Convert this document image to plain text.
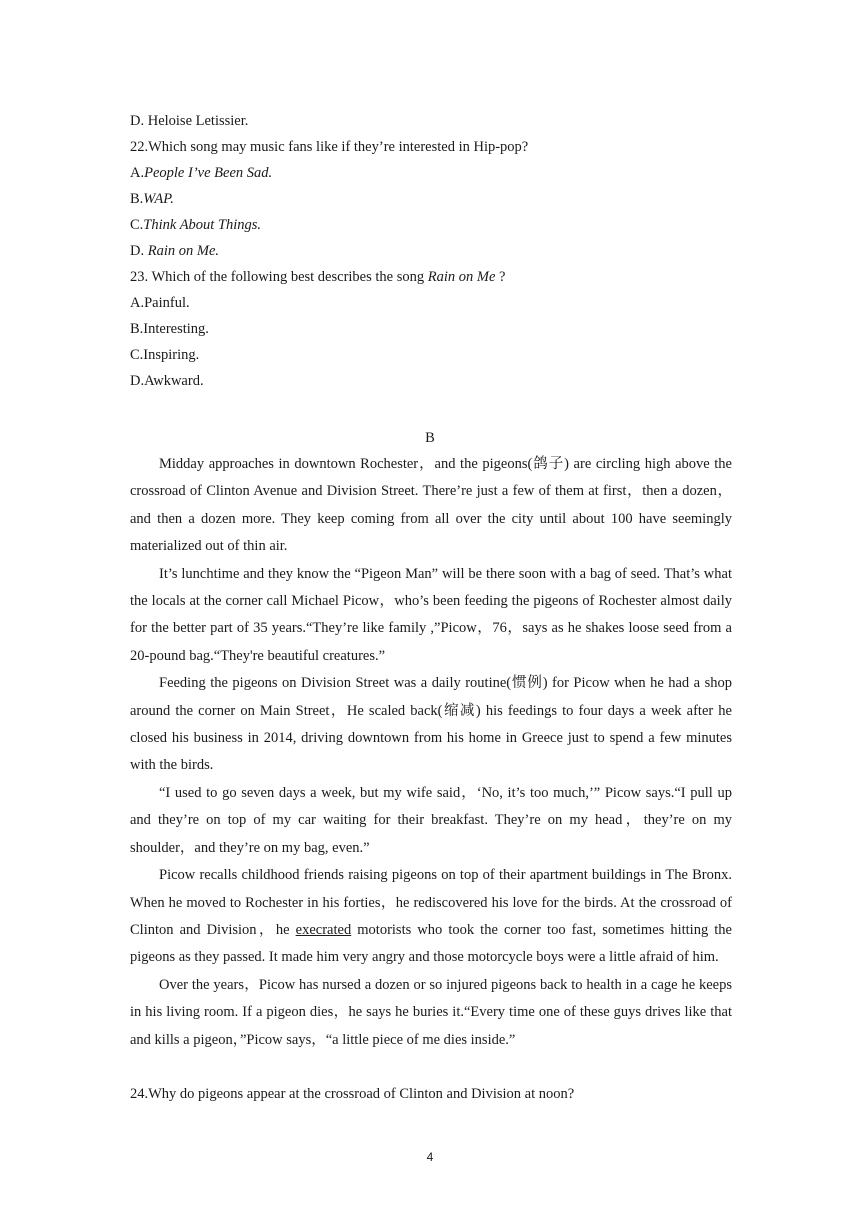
D. Heloise Letissier.
22.Which song may music fans like if they’re interested in Hip-pop?
A.People I’ve Been Sad.
B.WAP.
C.Think About Things.
D. Rain on Me.
23. Which of the following best describes the song Rain on Me ?
A.Painful.
B.Interesting.
C.Inspiring.
D.Awkward.
B

Midday approaches in downtown Rochester，and the pigeons(鸽子) are circling high above the crossroad of Clinton Avenue and Division Street. There’re just a few of them at first，then a dozen，and then a dozen more. They keep coming from all over the city until about 100 have seemingly materialized out of thin air.

It’s lunchtime and they know the “Pigeon Man” will be there soon with a bag of seed. That’s what the locals at the corner call Michael Picow，who’s been feeding the pigeons of Rochester almost daily for the better part of 35 years.“They’re like family ,”Picow，76，says as he shakes loose seed from a 20-pound bag.“They're beautiful creatures.”

Feeding the pigeons on Division Street was a daily routine(惯例) for Picow when he had a shop around the corner on Main Street，He scaled back(缩减) his feedings to four days a week after he closed his business in 2014, driving downtown from his home in Greece just to spend a few minutes with the birds.

“I used to go seven days a week, but my wife said，‘No, it’s too much,’” Picow says.“I pull up and they’re on top of my car waiting for their breakfast. They’re on my head，they’re on my shoulder，and they’re on my bag, even.”

Picow recalls childhood friends raising pigeons on top of their apartment buildings in The Bronx. When he moved to Rochester in his forties，he rediscovered his love for the birds. At the crossroad of Clinton and Division，he execrated motorists who took the corner too fast, sometimes hitting the pigeons as they passed. It made him very angry and those motorcycle boys were a little afraid of him.

Over the years，Picow has nursed a dozen or so injured pigeons back to health in a cage he keeps in his living room. If a pigeon dies，he says he buries it.“Every time one of these guys drives like that and kills a pigeon，”Picow says，“a little piece of me dies inside.”

24.Why do pigeons appear at the crossroad of Clinton and Division at noon?
4
